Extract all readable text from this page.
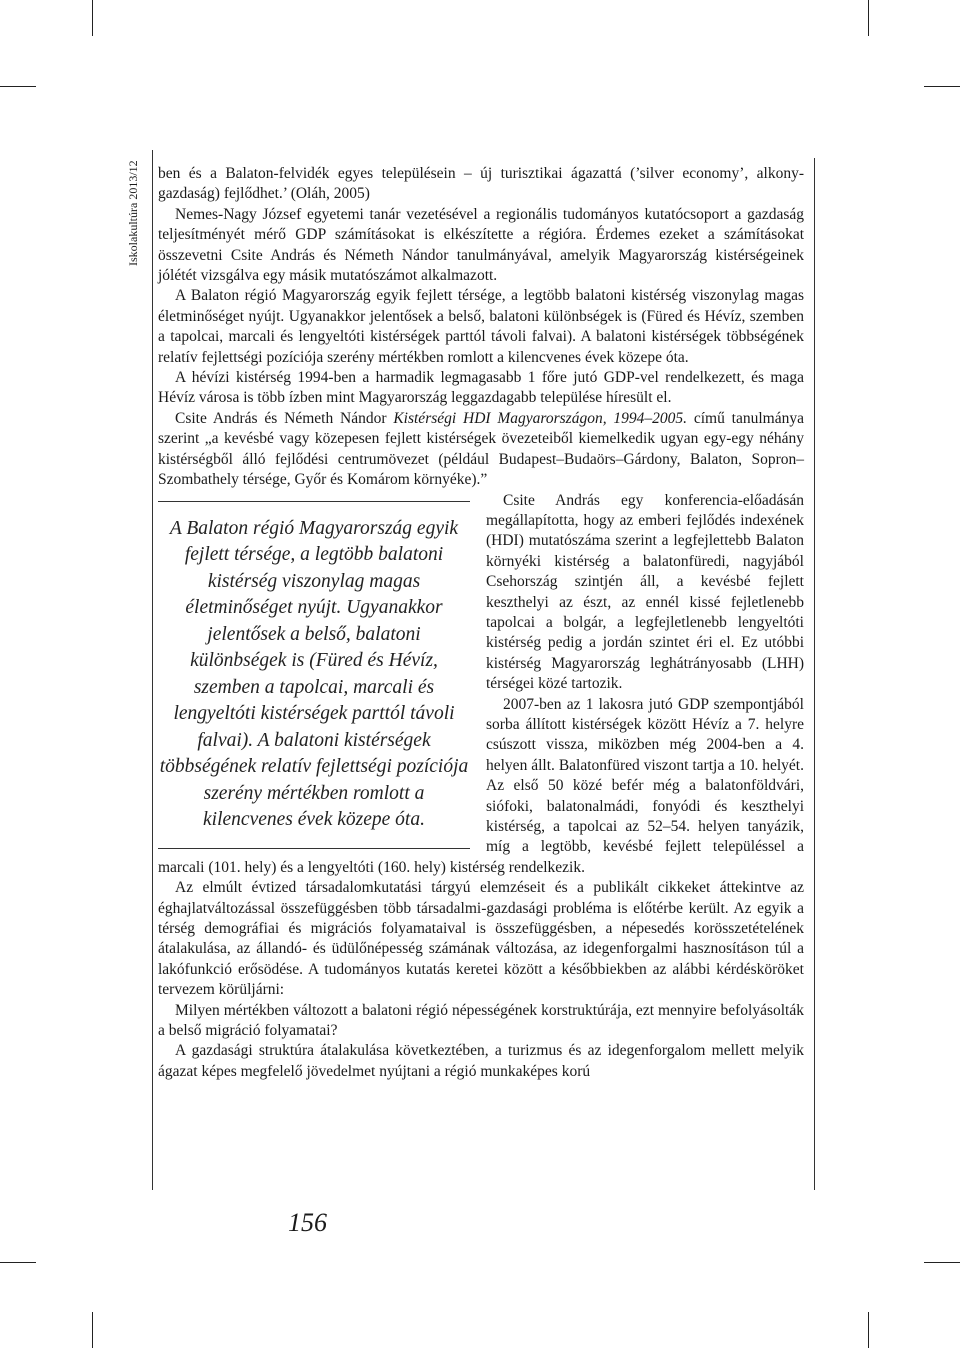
Iskolakultúra 2013/12	ben és a Balaton-felvidék egyes településein – új turisztikai ágazattá (’silver economy’, alkony-gazdaság) fejlődhet.’ (Oláh, 2005)

Nemes-Nagy József egyetemi tanár vezetésével a regionális tudományos kutatócsoport a gazdaság teljesítményét mérő GDP számításokat is elkészítette a régióra. Érdemes ezeket a számításokat összevetni Csite András és Németh Nándor tanulmányával, amelyik Magyarország kistérségeinek jólétét vizsgálva egy másik mutatószámot alkalmazott.

A Balaton régió Magyarország egyik fejlett térsége, a legtöbb balatoni kistérség viszonylag magas életminőséget nyújt. Ugyanakkor jelentősek a belső, balatoni különbségek is (Füred és Hévíz, szemben a tapolcai, marcali és lengyeltóti kistérségek parttól távoli falvai). A balatoni kistérségek többségének relatív fejlettségi pozíciója szerény mértékben romlott a kilencvenes évek közepe óta.

A hévízi kistérség 1994-ben a harmadik legmagasabb 1 főre jutó GDP-vel rendelkezett, és maga Hévíz városa is több ízben mint Magyarország leggazdagabb települése híresült el.

Csite András és Németh Nándor Kistérségi HDI Magyarországon, 1994–2005. című tanulmánya szerint „a kevésbé vagy közepesen fejlett kistérségek övezeteiből kiemelkedik ugyan egy-egy néhány kistérségből álló fejlődési centrumövezet (például Budapest–Budaörs–Gárdony, Balaton, Sopron–Szombathely térsége, Győr és Komárom környéke).”

A Balaton régió Magyarország egyik fejlett térsége, a legtöbb balatoni kistérség viszonylag magas életminőséget nyújt. Ugyanakkor jelentősek a belső, balatoni különbségek is (Füred és Hévíz, szemben a tapolcai, marcali és lengyeltóti kistérségek parttól távoli falvai). A balatoni kistérségek többségének relatív fejlettségi pozíciója szerény mértékben romlott a kilencvenes évek közepe óta.

Csite András egy konferencia-előadásán megállapította, hogy az emberi fejlődés indexének (HDI) mutatószáma szerint a legfejlettebb Balaton környéki kistérség a balatonfüredi, nagyjából Csehország szintjén áll, a kevésbé fejlett keszthelyi az észt, az ennél kissé fejletlenebb tapolcai a bolgár, a legfejletlenebb lengyeltóti kistérség pedig a jordán szintet éri el. Ez utóbbi kistérség Magyarország leghátrányosabb (LHH) térségei közé tartozik.

2007-ben az 1 lakosra jutó GDP szempontjából sorba állított kistérségek között Hévíz a 7. helyre csúszott vissza, miközben még 2004-ben a 4. helyen állt. Balatonfüred viszont tartja a 10. helyét. Az első 50 közé befér még a balatonföldvári, siófoki, balatonalmádi, fonyódi és keszthelyi kistérség, a tapolcai az 52–54. helyen tanyázik, míg a legtöbb, kevésbé fejlett településsel a marcali (101. hely) és a lengyeltóti (160. hely) kistérség rendelkezik.

Az elmúlt évtized társadalomkutatási tárgyú elemzéseit és a publikált cikkeket áttekintve az éghajlatváltozással összefüggésben több társadalmi-gazdasági probléma is előtérbe került. Az egyik a térség demográfiai és migrációs folyamataival is összefüggésben, a népesedés korösszetételének átalakulása, az állandó- és üdülőnépesség számának változása, az idegenforgalmi hasznosításon túl a lakófunkció erősödése. A tudományos kutatás keretei között a későbbiekben az alábbi kérdésköröket tervezem körüljárni:

Milyen mértékben változott a balatoni régió népességének korstruktúrája, ezt mennyire befolyásolták a belső migráció folyamatai?

A gazdasági struktúra átalakulása következtében, a turizmus és az idegenforgalom mellett melyik ágazat képes megfelelő jövedelmet nyújtani a régió munkaképes korú

156
